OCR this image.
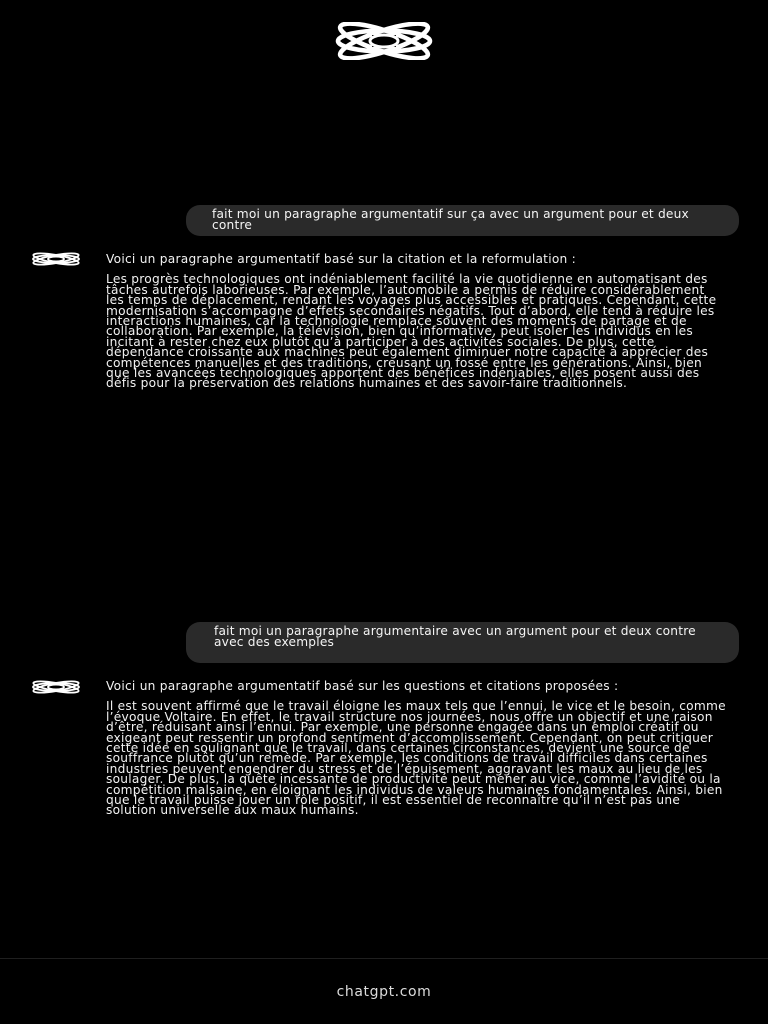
fait moi un paragraphe argumentatif sur ça avec un argument pour et deux contre

Voici un paragraphe argumentatif basé sur la citation et la reformulation :

Les progrès technologiques ont indéniablement facilité la vie quotidienne en automatisant des tâches autrefois laborieuses. Par exemple, l’automobile a permis de réduire considérablement les temps de déplacement, rendant les voyages plus accessibles et pratiques. Cependant, cette modernisation s’accompagne d’effets secondaires négatifs. Tout d’abord, elle tend à réduire les interactions humaines, car la technologie remplace souvent des moments de partage et de collaboration. Par exemple, la télévision, bien qu’informative, peut isoler les individus en les incitant à rester chez eux plutôt qu’à participer à des activités sociales. De plus, cette dépendance croissante aux machines peut également diminuer notre capacité à apprécier des compétences manuelles et des traditions, creusant un fossé entre les générations. Ainsi, bien que les avancées technologiques apportent des bénéfices indéniables, elles posent aussi des défis pour la préservation des relations humaines et des savoir-faire traditionnels.

fait moi un paragraphe argumentaire avec un argument pour et deux contre avec des exemples

Voici un paragraphe argumentatif basé sur les questions et citations proposées :

Il est souvent affirmé que le travail éloigne les maux tels que l’ennui, le vice et le besoin, comme l’évoque Voltaire. En effet, le travail structure nos journées, nous offre un objectif et une raison d’être, réduisant ainsi l’ennui. Par exemple, une personne engagée dans un emploi créatif ou exigeant peut ressentir un profond sentiment d’accomplissement. Cependant, on peut critiquer cette idée en soulignant que le travail, dans certaines circonstances, devient une source de souffrance plutôt qu’un remède. Par exemple, les conditions de travail difficiles dans certaines industries peuvent engendrer du stress et de l’épuisement, aggravant les maux au lieu de les soulager. De plus, la quête incessante de productivité peut mener au vice, comme l’avidité ou la compétition malsaine, en éloignant les individus de valeurs humaines fondamentales. Ainsi, bien que le travail puisse jouer un rôle positif, il est essentiel de reconnaître qu’il n’est pas une solution universelle aux maux humains.

chatgpt.com
